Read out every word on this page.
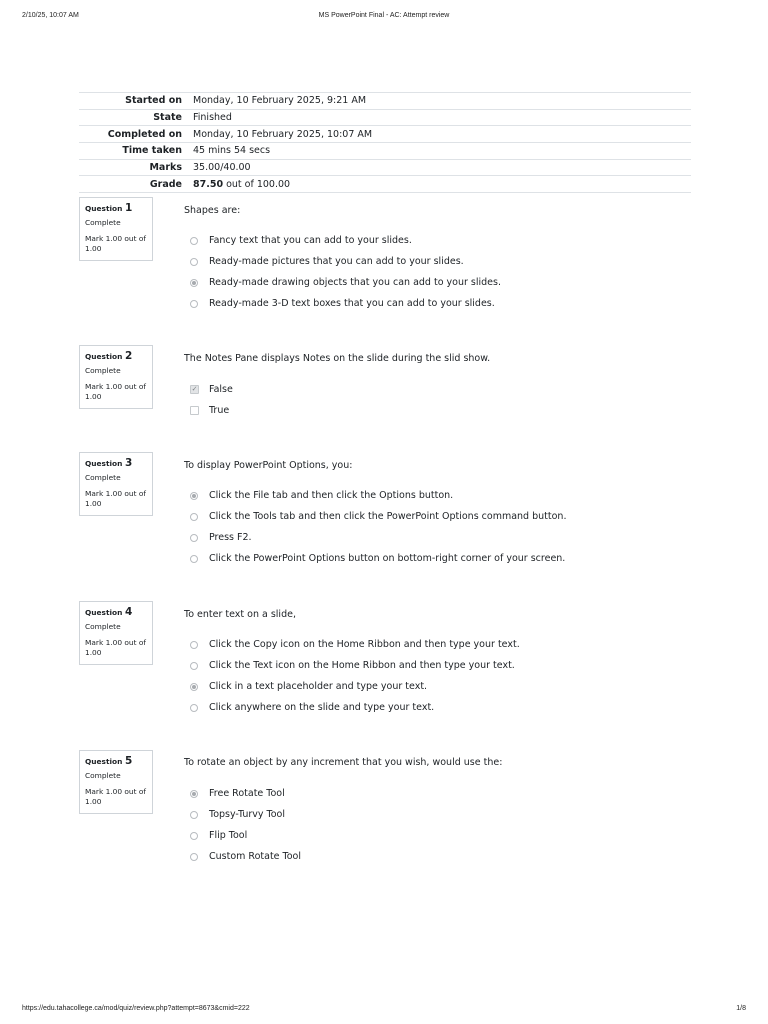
2/10/25, 10:07 AM	MS PowerPoint Final - AC: Attempt review
Started on	Monday, 10 February 2025, 9:21 AM
State	Finished
Completed on	Monday, 10 February 2025, 10:07 AM
Time taken	45 mins 54 secs
Marks	35.00/40.00
Grade	87.50 out of 100.00
Question 1
Complete
Mark 1.00 out of 1.00
Shapes are:
Fancy text that you can add to your slides.
Ready-made pictures that you can add to your slides.
Ready-made drawing objects that you can add to your slides.
Ready-made 3-D text boxes that you can add to your slides.
Question 2
Complete
Mark 1.00 out of 1.00
The Notes Pane displays Notes on the slide during the slid show.
✓ False
True
Question 3
Complete
Mark 1.00 out of 1.00
To display PowerPoint Options, you:
Click the File tab and then click the Options button.
Click the Tools tab and then click the PowerPoint Options command button.
Press F2.
Click the PowerPoint Options button on bottom-right corner of your screen.
Question 4
Complete
Mark 1.00 out of 1.00
To enter text on a slide,
Click the Copy icon on the Home Ribbon and then type your text.
Click the Text icon on the Home Ribbon and then type your text.
Click in a text placeholder and type your text.
Click anywhere on the slide and type your text.
Question 5
Complete
Mark 1.00 out of 1.00
To rotate an object by any increment that you wish, would use the:
Free Rotate Tool
Topsy-Turvy Tool
Flip Tool
Custom Rotate Tool
https://edu.tahacollege.ca/mod/quiz/review.php?attempt=8673&cmid=222	1/8
